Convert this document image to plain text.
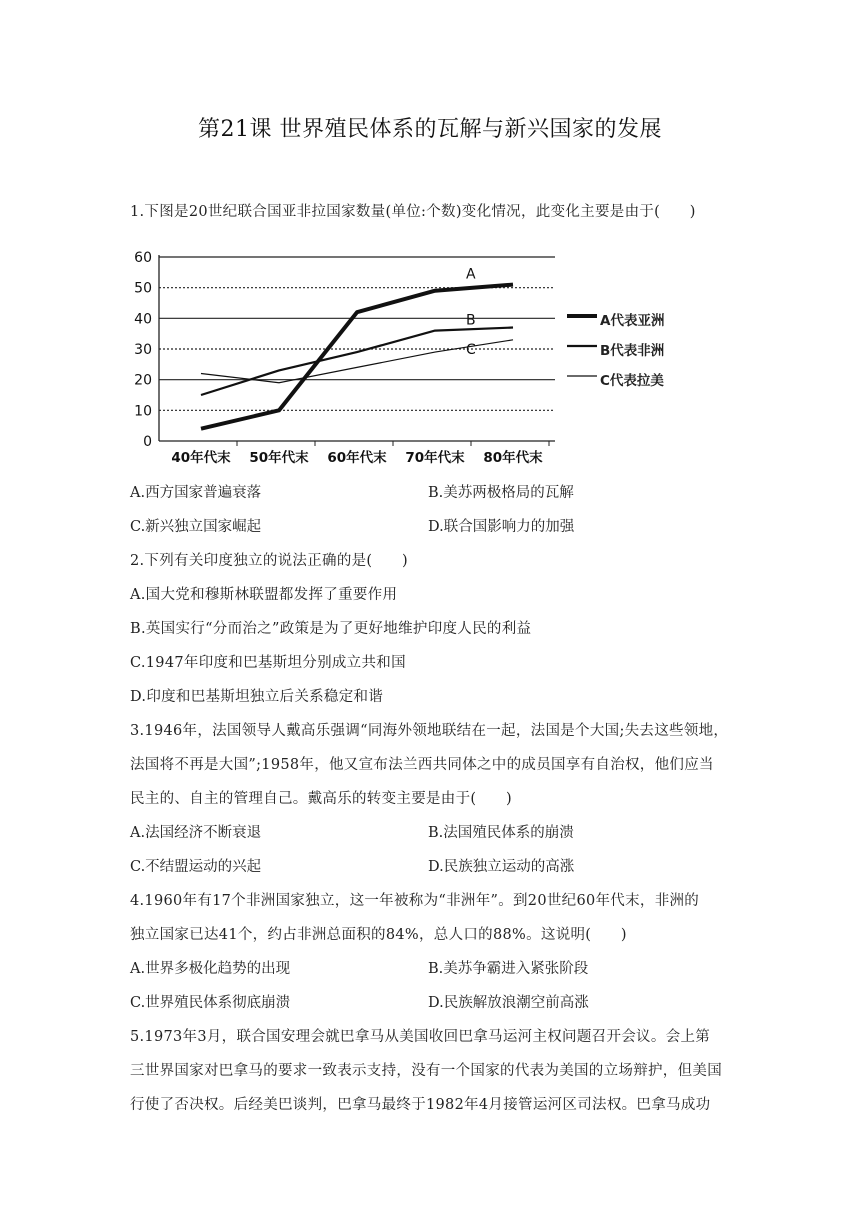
第21课 世界殖民体系的瓦解与新兴国家的发展
1.下图是20世纪联合国亚非拉国家数量(单位:个数)变化情况，此变化主要是由于(　　)
0
10
20
30
40
50
60
40年代末 50年代末 60年代末 70年代末 80年代末
A
B
C
A.西方国家普遍衰落	B.美苏两极格局的瓦解
C.新兴独立国家崛起	D.联合国影响力的加强
2.下列有关印度独立的说法正确的是(　　)
A.国大党和穆斯林联盟都发挥了重要作用
B.英国实行“分而治之”政策是为了更好地维护印度人民的利益
C.1947年印度和巴基斯坦分别成立共和国
D.印度和巴基斯坦独立后关系稳定和谐
3.1946年，法国领导人戴高乐强调“同海外领地联结在一起，法国是个大国;失去这些领地，
法国将不再是大国”;1958年，他又宣布法兰西共同体之中的成员国享有自治权，他们应当
民主的、自主的管理自己。戴高乐的转变主要是由于(　　)
A.法国经济不断衰退	B.法国殖民体系的崩溃
C.不结盟运动的兴起	D.民族独立运动的高涨
4.1960年有17个非洲国家独立，这一年被称为“非洲年”。到20世纪60年代末，非洲的
独立国家已达41个，约占非洲总面积的84%，总人口的88%。这说明(　　)
A.世界多极化趋势的出现	B.美苏争霸进入紧张阶段
C.世界殖民体系彻底崩溃	D.民族解放浪潮空前高涨
5.1973年3月，联合国安理会就巴拿马从美国收回巴拿马运河主权问题召开会议。会上第
三世界国家对巴拿马的要求一致表示支持，没有一个国家的代表为美国的立场辩护，但美国
行使了否决权。后经美巴谈判，巴拿马最终于1982年4月接管运河区司法权。巴拿马成功
A代表亚洲
B代表非洲
C代表拉美
